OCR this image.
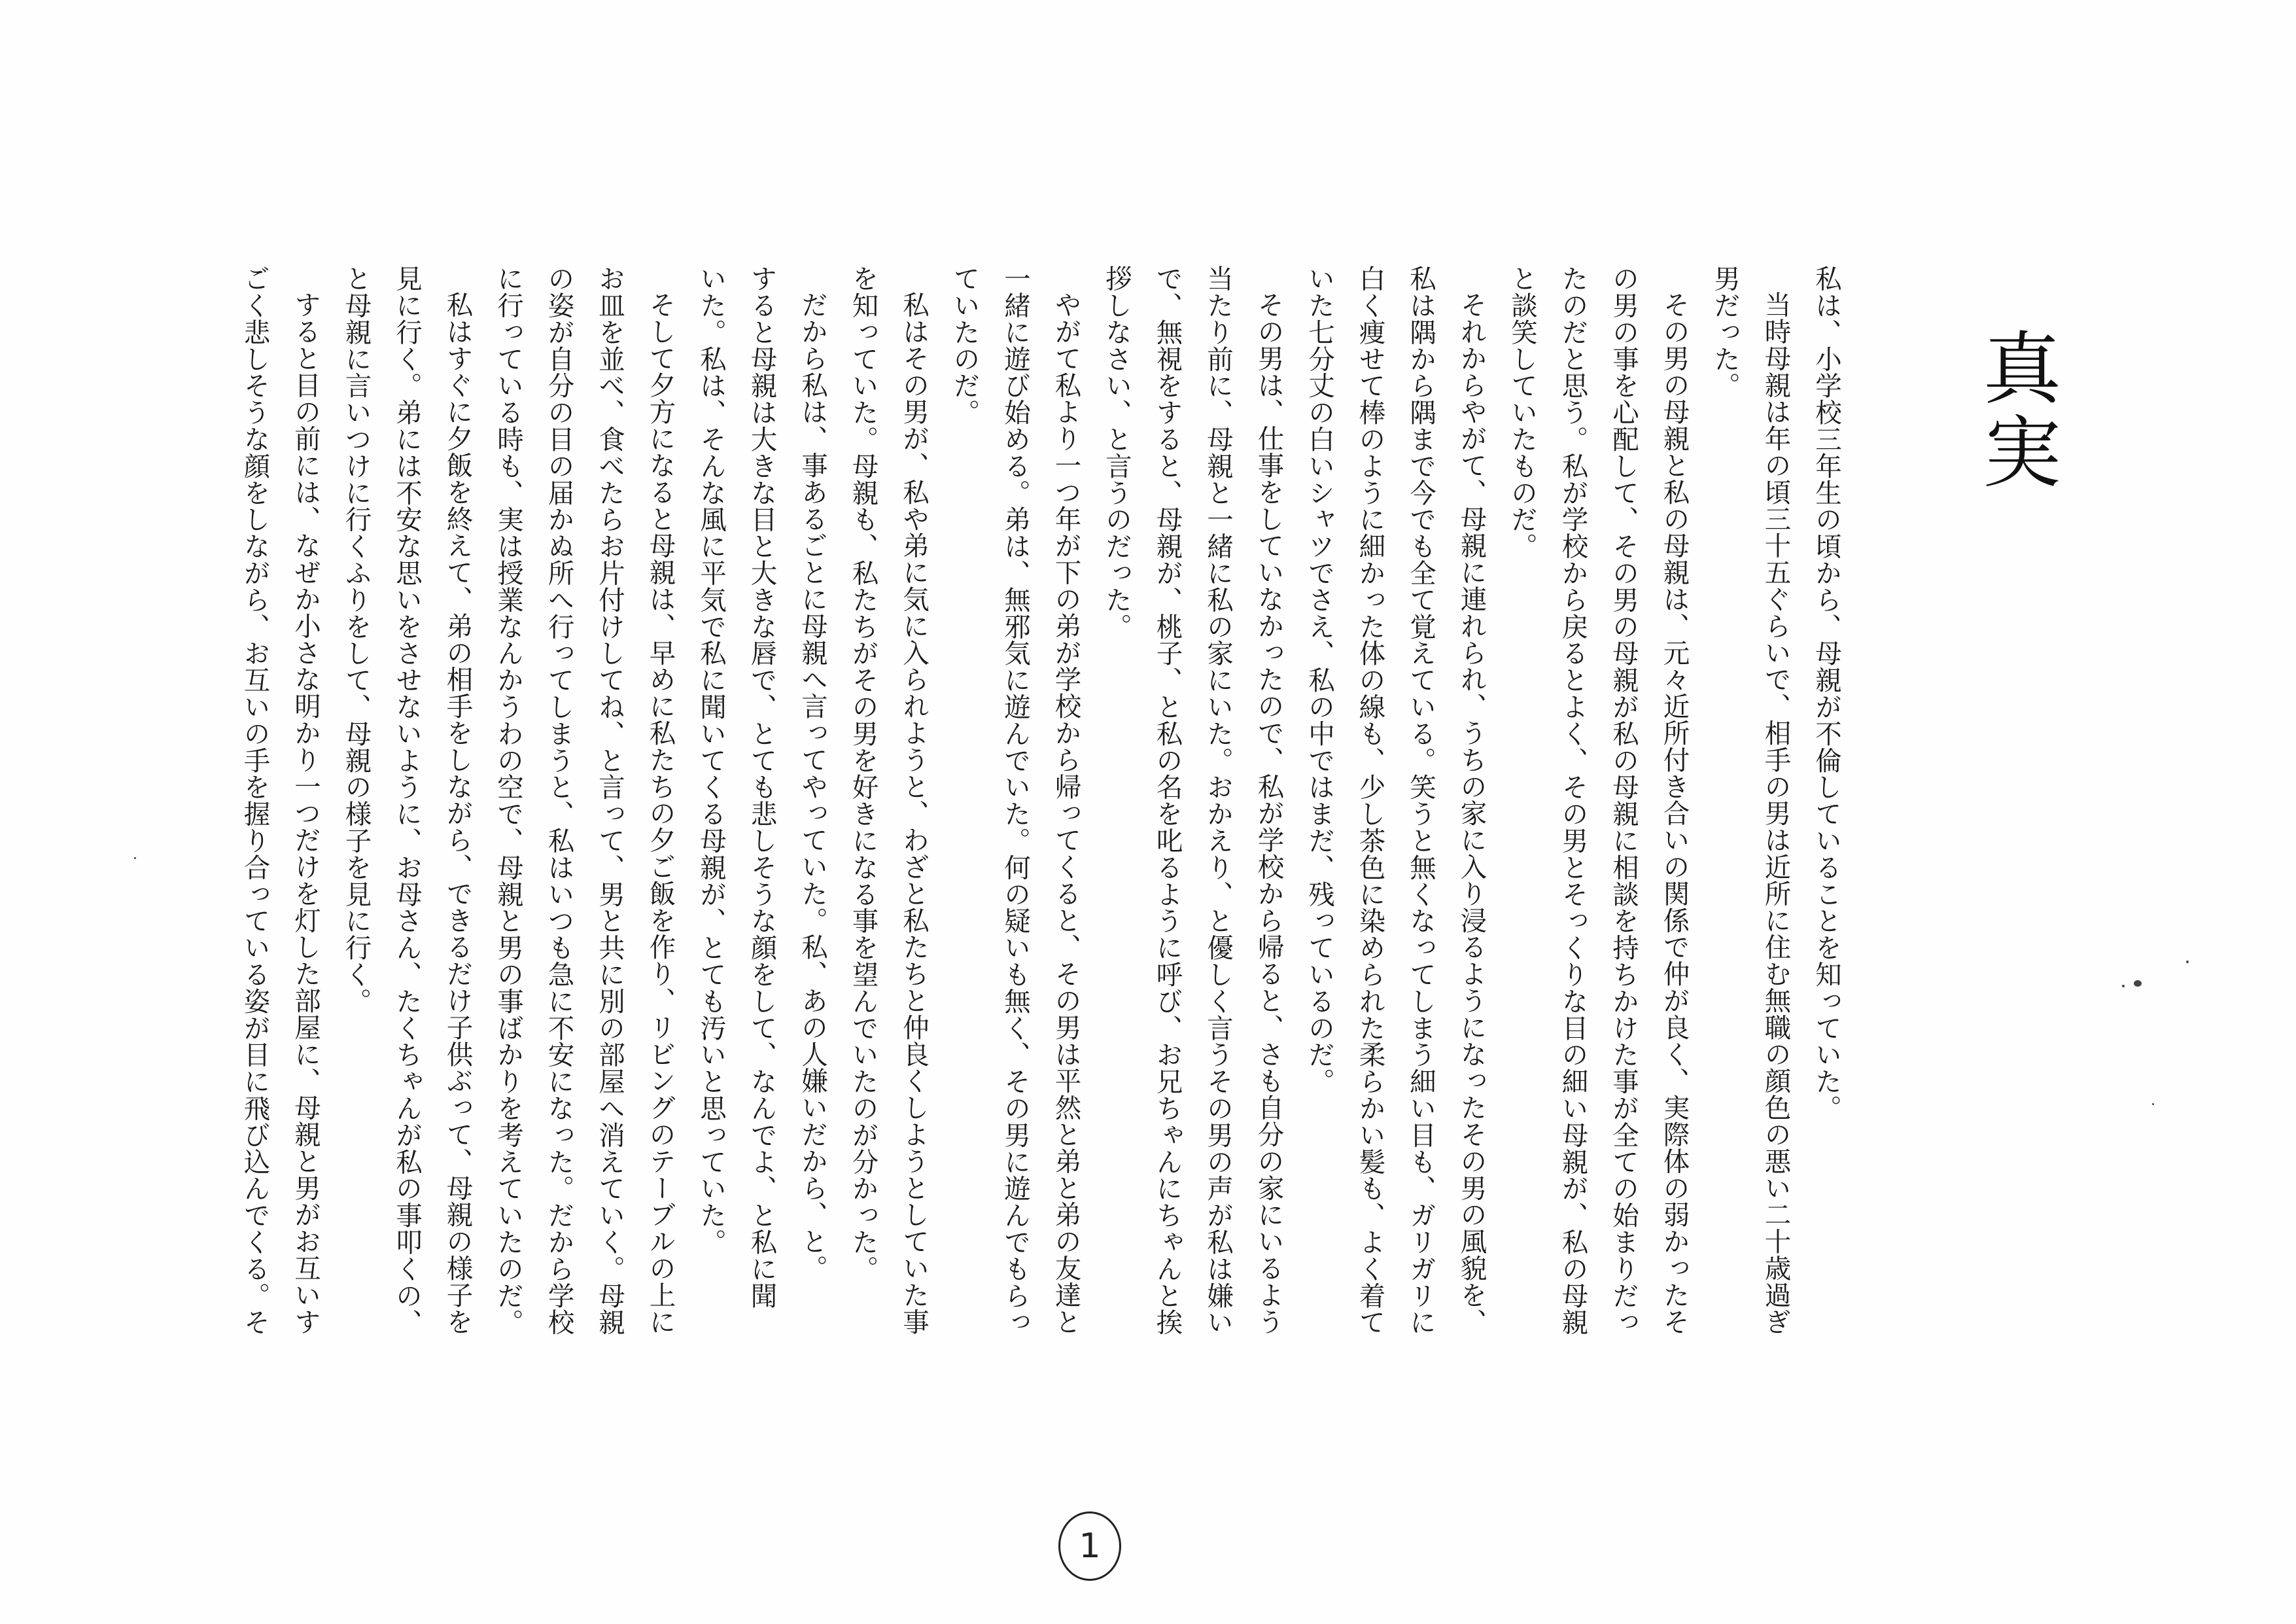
真実
私は、小学校三年生の頃から、母親が不倫していることを知っていた。
当時母親は年の頃三十五ぐらいで、相手の男は近所に住む無職の顔色の悪い二十歳過ぎ
男だった。
その男の母親と私の母親は、元々近所付き合いの関係で仲が良く、実際体の弱かったそ
の男の事を心配して、その男の母親が私の母親に相談を持ちかけた事が全ての始まりだっ
たのだと思う。私が学校から戻るとよく、その男とそっくりな目の細い母親が、私の母親
と談笑していたものだ。
それからやがて、母親に連れられ、うちの家に入り浸るようになったその男の風貌を、
私は隅から隅まで今でも全て覚えている。笑うと無くなってしまう細い目も、ガリガリに
白く痩せて棒のように細かった体の線も、少し茶色に染められた柔らかい髪も、よく着て
いた七分丈の白いシャツでさえ、私の中ではまだ、残っているのだ。
その男は、仕事をしていなかったので、私が学校から帰ると、さも自分の家にいるよう
当たり前に、母親と一緒に私の家にいた。おかえり、と優しく言うその男の声が私は嫌い
で、無視をすると、母親が、桃子、と私の名を叱るように呼び、お兄ちゃんにちゃんと挨
拶しなさい、と言うのだった。
やがて私より一つ年が下の弟が学校から帰ってくると、その男は平然と弟と弟の友達と
一緒に遊び始める。弟は、無邪気に遊んでいた。何の疑いも無く、その男に遊んでもらっ
ていたのだ。
私はその男が、私や弟に気に入られようと、わざと私たちと仲良くしようとしていた事
を知っていた。母親も、私たちがその男を好きになる事を望んでいたのが分かった。
だから私は、事あるごとに母親へ言ってやっていた。私、あの人嫌いだから、と。
すると母親は大きな目と大きな唇で、とても悲しそうな顔をして、なんでよ、と私に聞
いた。私は、そんな風に平気で私に聞いてくる母親が、とても汚いと思っていた。
そして夕方になると母親は、早めに私たちの夕ご飯を作り、リビングのテーブルの上に
お皿を並べ、食べたらお片付けしてね、と言って、男と共に別の部屋へ消えていく。母親
の姿が自分の目の届かぬ所へ行ってしまうと、私はいつも急に不安になった。だから学校
に行っている時も、実は授業なんかうわの空で、母親と男の事ばかりを考えていたのだ。
私はすぐに夕飯を終えて、弟の相手をしながら、できるだけ子供ぶって、母親の様子を
見に行く。弟には不安な思いをさせないように、お母さん、たくちゃんが私の事叩くの、
と母親に言いつけに行くふりをして、母親の様子を見に行く。
すると目の前には、なぜか小さな明かり一つだけを灯した部屋に、母親と男がお互いす
ごく悲しそうな顔をしながら、お互いの手を握り合っている姿が目に飛び込んでくる。そ
1
